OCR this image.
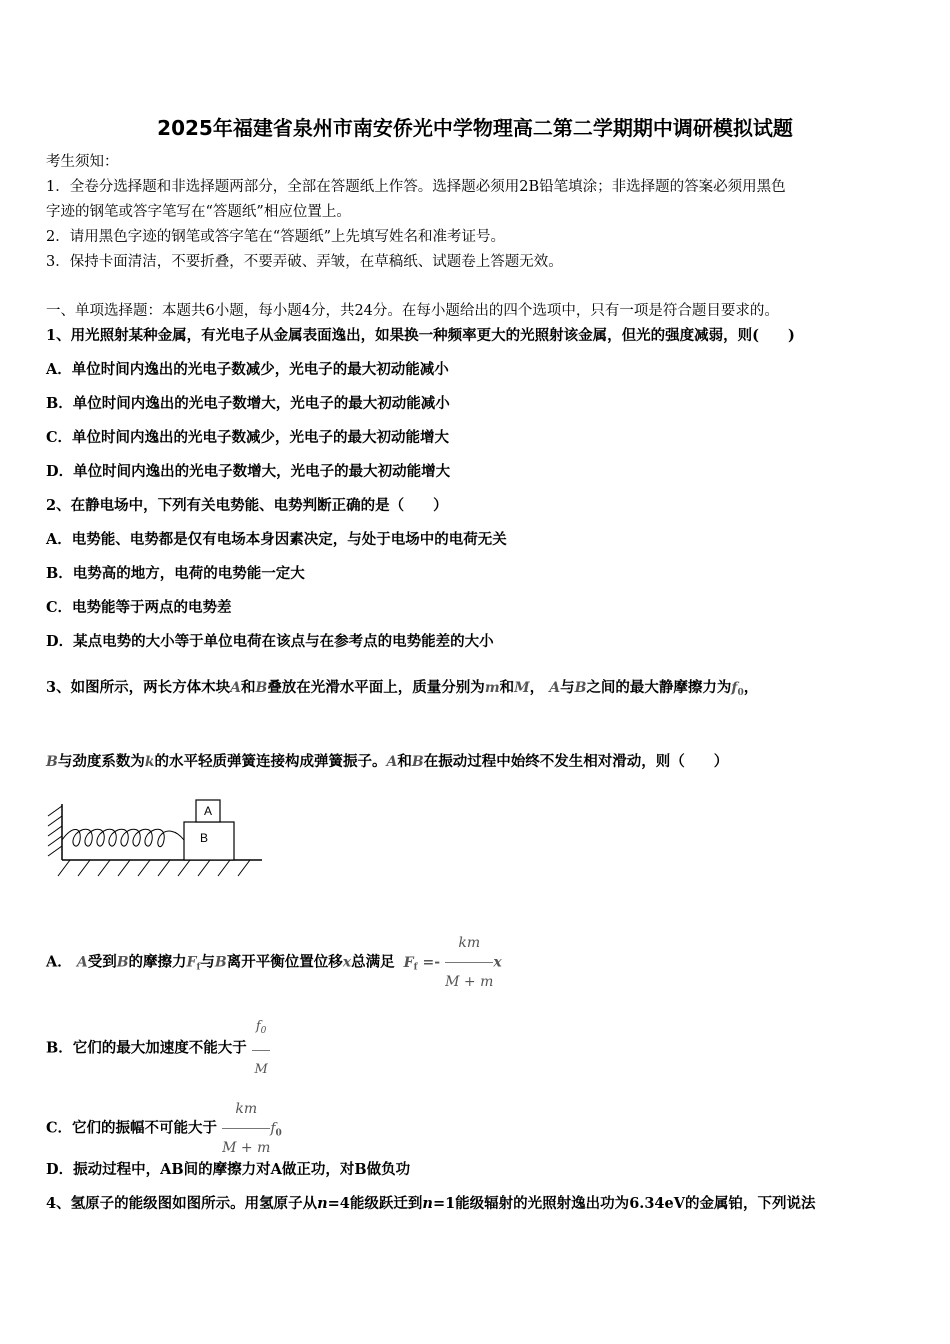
2025年福建省泉州市南安侨光中学物理高二第二学期期中调研模拟试题
考生须知：
1．全卷分选择题和非选择题两部分，全部在答题纸上作答。选择题必须用2B铅笔填涂；非选择题的答案必须用黑色
字迹的钢笔或答字笔写在“答题纸”相应位置上。
2．请用黑色字迹的钢笔或答字笔在“答题纸”上先填写姓名和准考证号。
3．保持卡面清洁，不要折叠，不要弄破、弄皱，在草稿纸、试题卷上答题无效。
一、单项选择题：本题共6小题，每小题4分，共24分。在每小题给出的四个选项中，只有一项是符合题目要求的。
1、用光照射某种金属，有光电子从金属表面逸出，如果换一种频率更大的光照射该金属，但光的强度减弱，则(　　)
A．单位时间内逸出的光电子数减少，光电子的最大初动能减小
B．单位时间内逸出的光电子数增大，光电子的最大初动能减小
C．单位时间内逸出的光电子数减少，光电子的最大初动能增大
D．单位时间内逸出的光电子数增大，光电子的最大初动能增大
2、在静电场中，下列有关电势能、电势判断正确的是（　　）
A．电势能、电势都是仅有电场本身因素决定，与处于电场中的电荷无关
B．电势高的地方，电荷的电势能一定大
C．电势能等于两点的电势差
D．某点电势的大小等于单位电荷在该点与在参考点的电势能差的大小
3、如图所示，两长方体木块A和B叠放在光滑水平面上，质量分别为m和M， A与B之间的最大静摩擦力为$f_0$，
B与劲度系数为k的水平轻质弹簧连接构成弹簧振子。A和B在振动过程中始终不发生相对滑动，则（　　）
A
B
A． A受到B的摩擦力$F_f$与B离开平衡位置位移x总满足 $F_f =- \frac{km}{M + m}$ x
B．它们的最大加速度不能大于 $\frac{f_0}{M}$
C．它们的振幅不可能大于 $\frac{km}{M + m} f_0$
D．振动过程中，AB间的摩擦力对A做正功，对B做负功
4、氢原子的能级图如图所示。用氢原子从n=4能级跃迁到n=1能级辐射的光照射逸出功为6.34eV的金属铂，下列说法
